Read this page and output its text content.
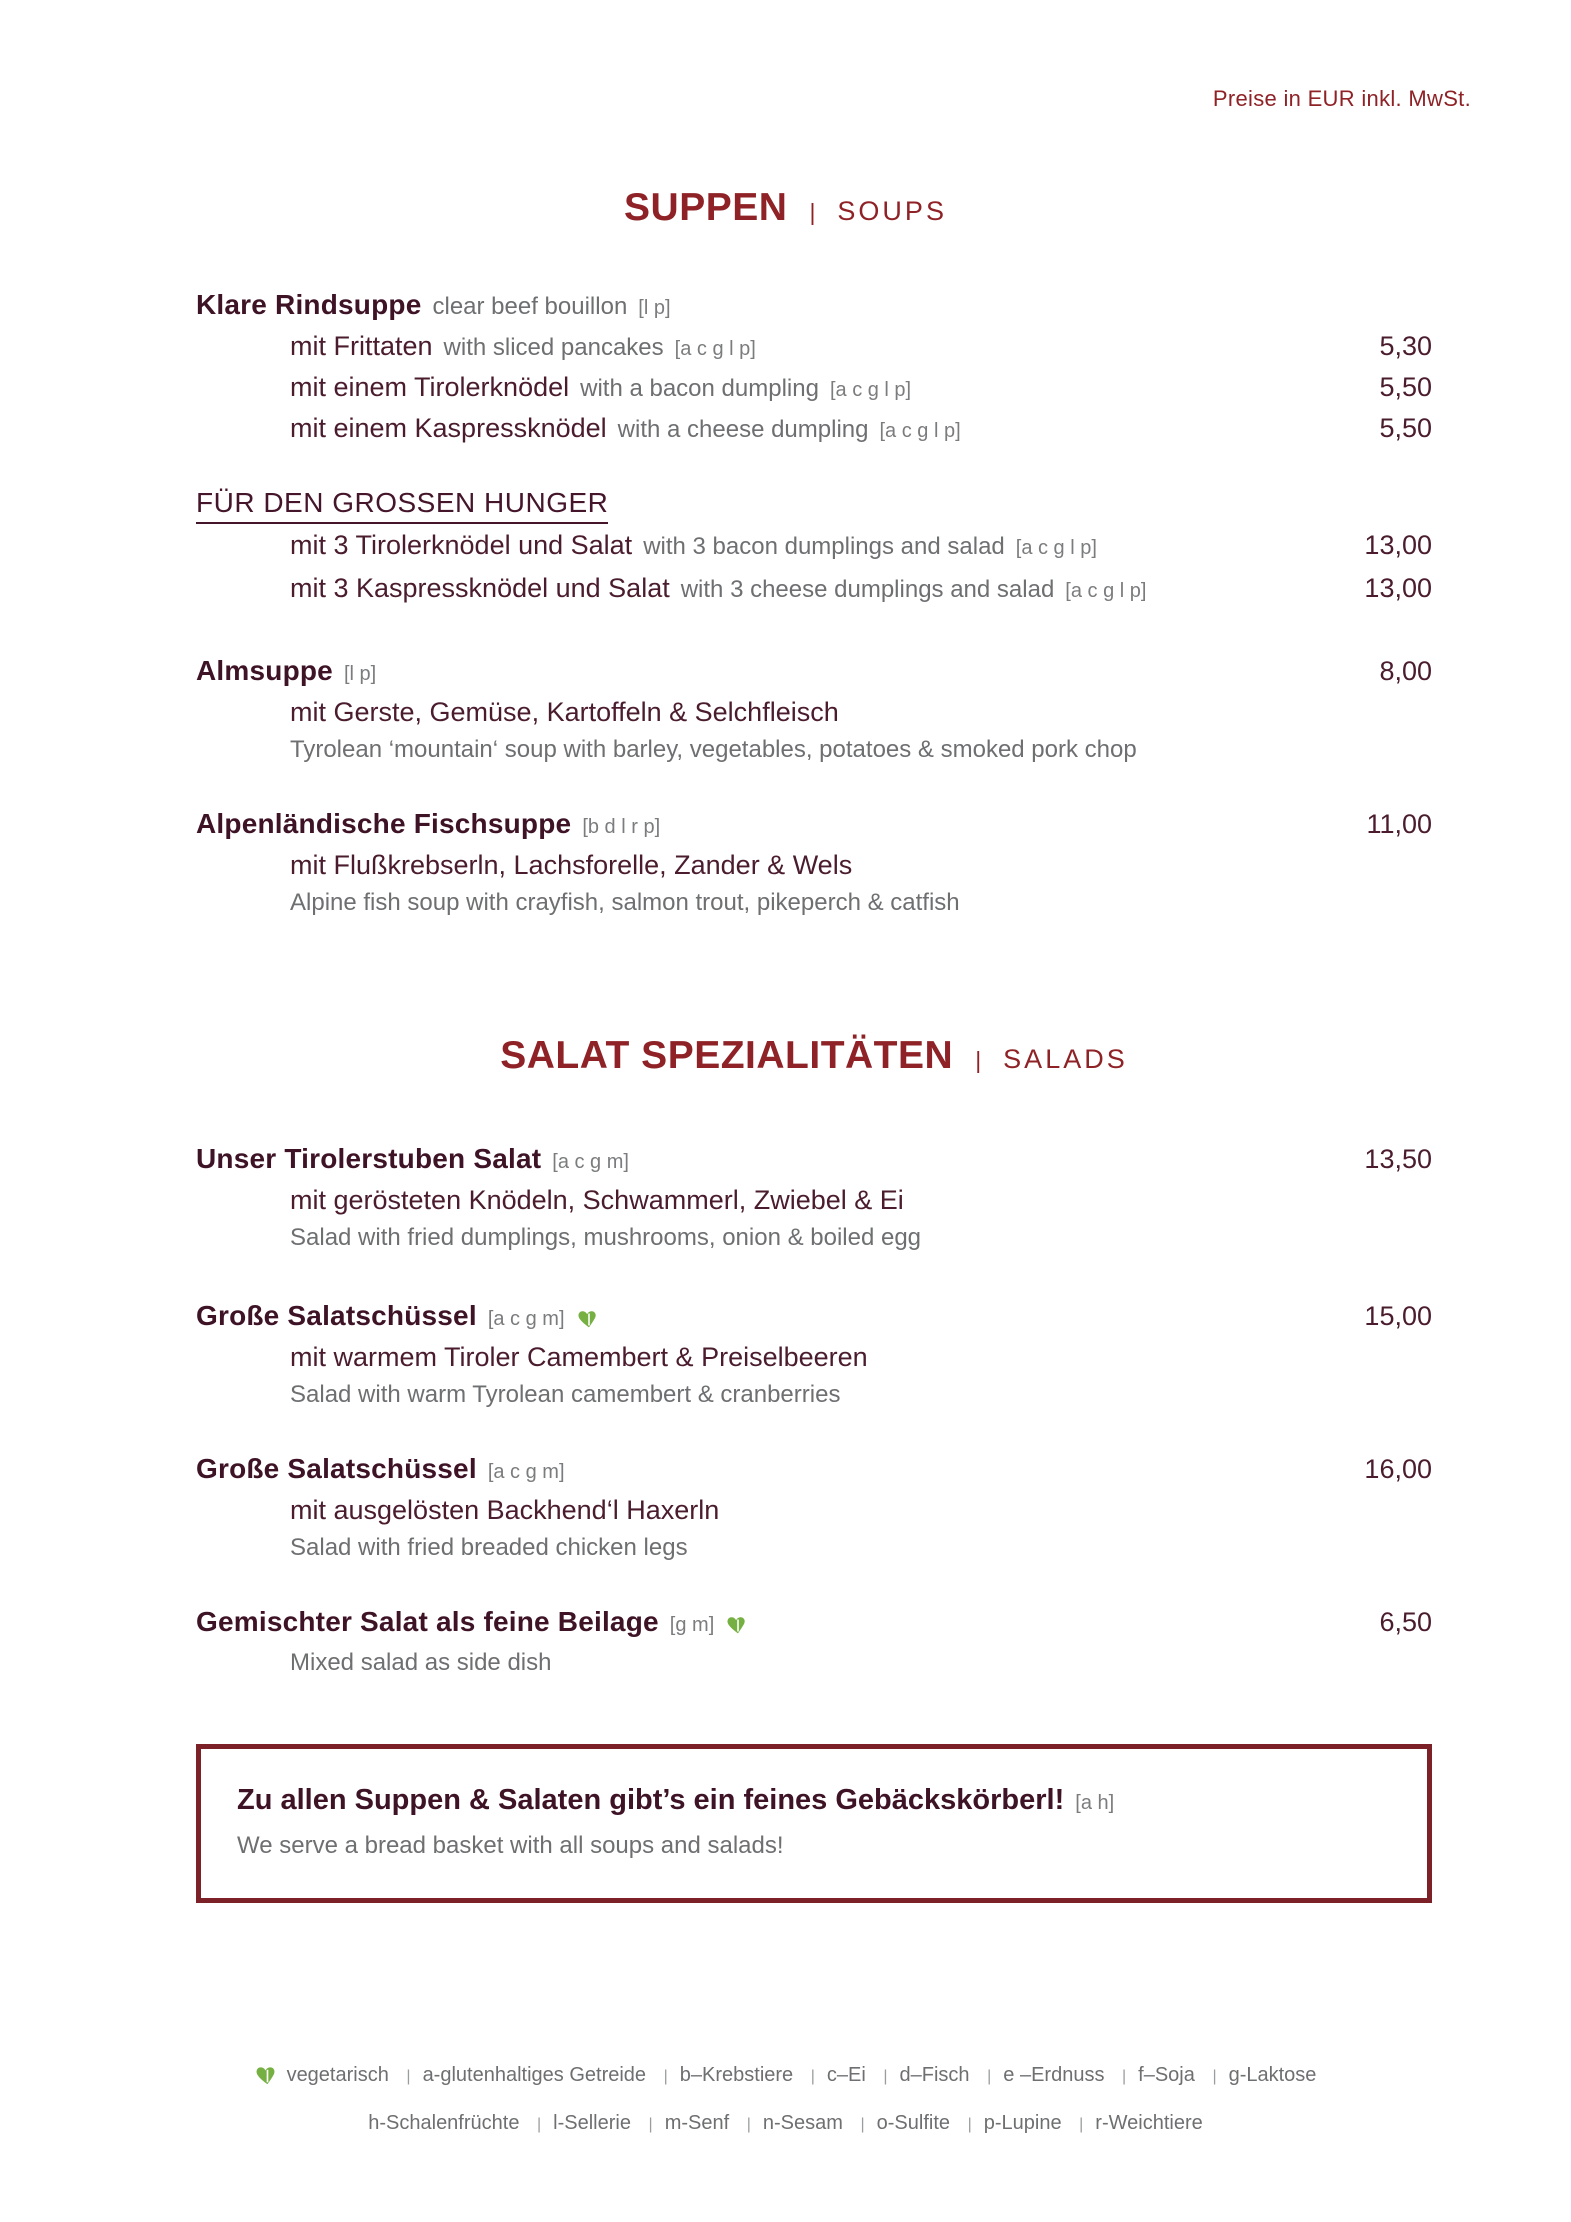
Preise in EUR inkl. MwSt.
SUPPEN | SOUPS
Klare Rindsuppe clear beef bouillon [l p]
mit Frittaten with sliced pancakes [a c g l p]	5,30
mit einem Tirolerknödel with a bacon dumpling [a c g l p]	5,50
mit einem Kaspressknödel with a cheese dumpling [a c g l p]	5,50
FÜR DEN GROSSEN HUNGER
mit 3 Tirolerknödel und Salat with 3 bacon dumplings and salad [a c g l p]	13,00
mit 3 Kaspressknödel und Salat with 3 cheese dumplings and salad [a c g l p]	13,00
Almsuppe [l p]	8,00
mit Gerste, Gemüse, Kartoffeln & Selchfleisch
Tyrolean ‘mountain‘ soup with barley, vegetables, potatoes & smoked pork chop
Alpenländische Fischsuppe [b d l r p]	11,00
mit Flußkrebserln, Lachsforelle, Zander & Wels
Alpine fish soup with crayfish, salmon trout, pikeperch & catfish
SALAT SPEZIALITÄTEN | SALADS
Unser Tirolerstuben Salat [a c g m]	13,50
mit gerösteten Knödeln, Schwammerl, Zwiebel & Ei
Salad with fried dumplings, mushrooms, onion & boiled egg
Große Salatschüssel [a c g m]	15,00
mit warmem Tiroler Camembert & Preiselbeeren
Salad with warm Tyrolean camembert & cranberries
Große Salatschüssel [a c g m]	16,00
mit ausgelösten Backhend‘l Haxerln
Salad with fried breaded chicken legs
Gemischter Salat als feine Beilage [g m]	6,50
Mixed salad as side dish
Zu allen Suppen & Salaten gibt’s ein feines Gebäckskörberl! [a h]
We serve a bread basket with all soups and salads!
vegetarisch | a-glutenhaltiges Getreide | b–Krebstiere | c–Ei | d–Fisch | e –Erdnuss | f–Soja | g-Laktose
h-Schalenfrüchte | l-Sellerie | m-Senf | n-Sesam | o-Sulfite | p-Lupine | r-Weichtiere
